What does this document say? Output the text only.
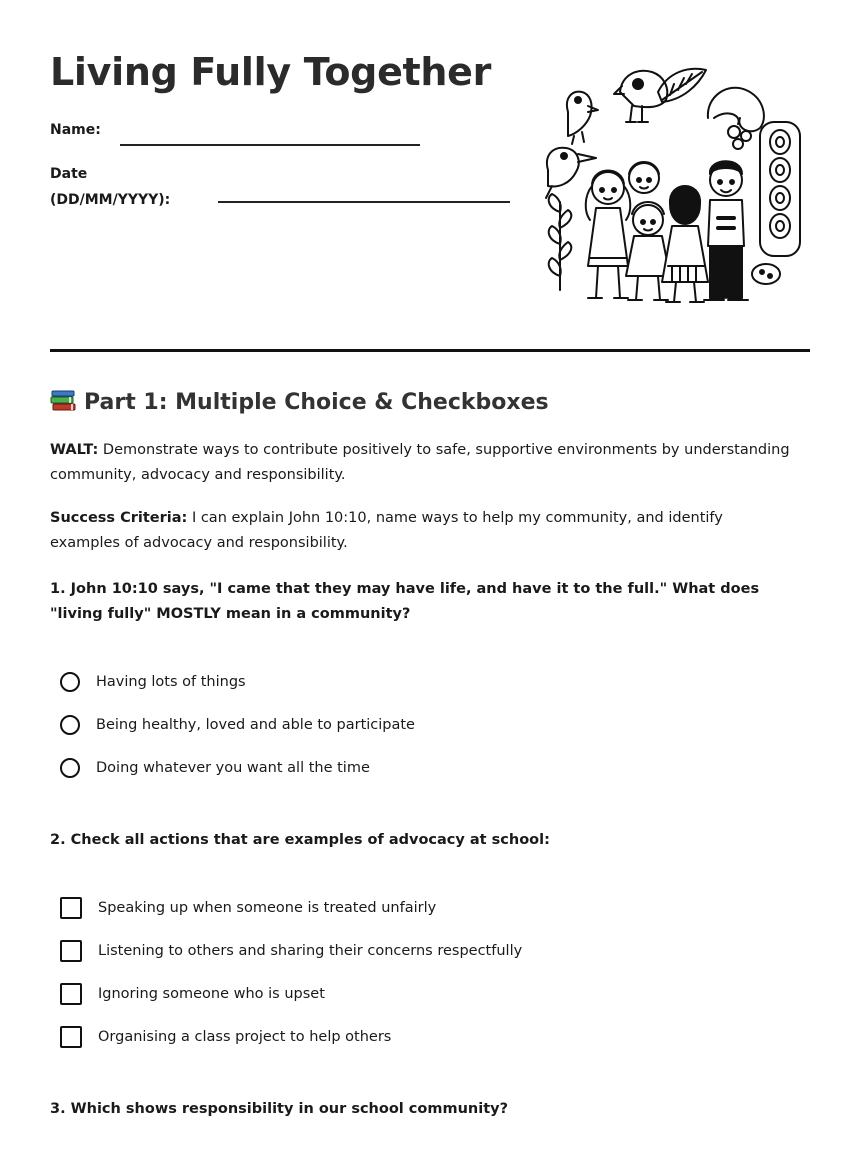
Living Fully Together
Name:
Date
(DD/MM/YYYY):
Part 1: Multiple Choice & Checkboxes

WALT: Demonstrate ways to contribute positively to safe, supportive environments by understanding community, advocacy and responsibility.

Success Criteria: I can explain John 10:10, name ways to help my community, and identify examples of advocacy and responsibility.

1. John 10:10 says, "I came that they may have life, and have it to the full." What does "living fully" MOSTLY mean in a community?

Having lots of things
Being healthy, loved and able to participate
Doing whatever you want all the time

2. Check all actions that are examples of advocacy at school:

Speaking up when someone is treated unfairly
Listening to others and sharing their concerns respectfully
Ignoring someone who is upset
Organising a class project to help others

3. Which shows responsibility in our school community?
